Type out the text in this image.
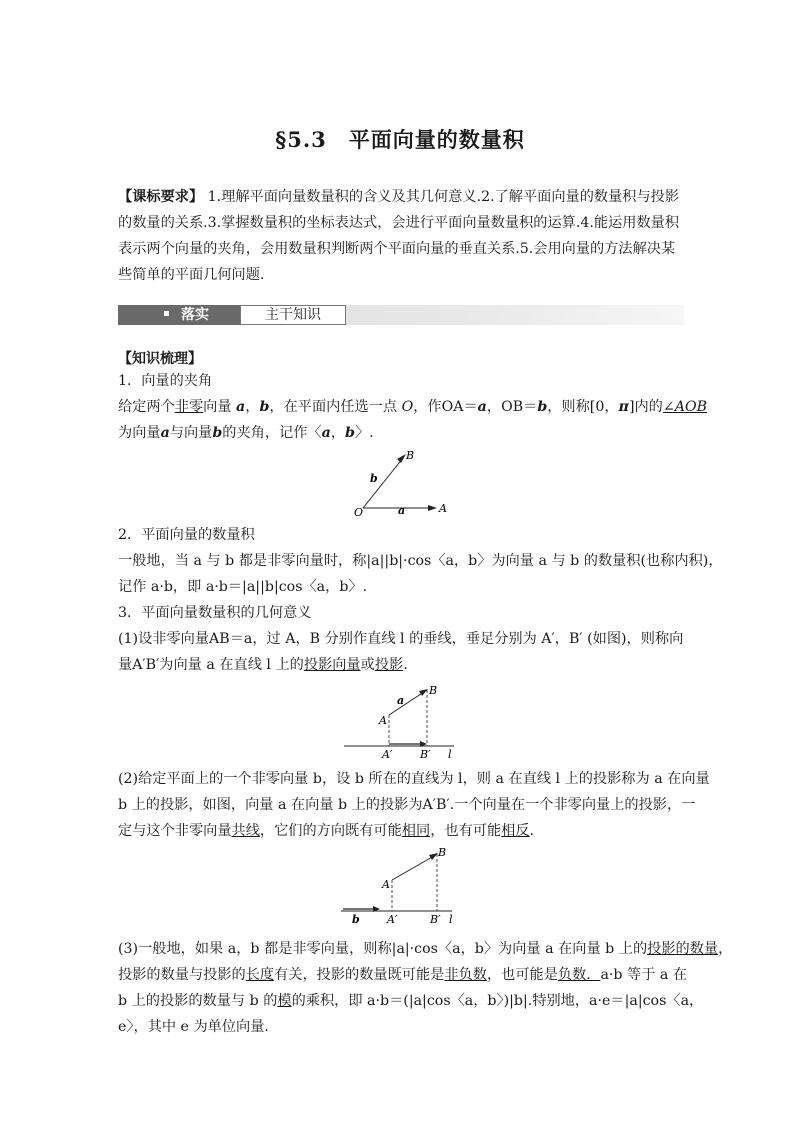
§5.3　平面向量的数量积
【课标要求】 1.理解平面向量数量积的含义及其几何意义.2.了解平面向量的数量积与投影的数量的关系.3.掌握数量积的坐标表达式，会进行平面向量数量积的运算.4.能运用数量积表示两个向量的夹角，会用数量积判断两个平面向量的垂直关系.5.会用向量的方法解决某些简单的平面几何问题.
落实	主干知识
【知识梳理】
1．向量的夹角
给定两个非零向量 a，b，在平面内任选一点 O，作OA＝a，OB＝b，则称[0，π]内的∠AOB
为向量a与向量b的夹角，记作〈a，b〉.
B
b
O	a	A
2．平面向量的数量积
一般地，当 a 与 b 都是非零向量时，称|a||b|·cos〈a，b〉为向量 a 与 b 的数量积(也称内积)，
记作 a·b，即 a·b＝|a||b|cos〈a，b〉.
3．平面向量数量积的几何意义
(1)设非零向量AB＝a，过 A，B 分别作直线 l 的垂线，垂足分别为 A′，B′ (如图)，则称向
量A′B′为向量 a 在直线 l 上的投影向量或投影.
B
A
a
A′	B′ l
(2)给定平面上的一个非零向量 b，设 b 所在的直线为 l，则 a 在直线 l 上的投影称为 a 在向量
b 上的投影，如图，向量 a 在向量 b 上的投影为A′B′.一个向量在一个非零向量上的投影，一
定与这个非零向量共线，它们的方向既有可能相同，也有可能相反.
B
A
b A′	B′ l
(3)一般地，如果 a，b 都是非零向量，则称|a|·cos〈a，b〉为向量 a 在向量 b 上的投影的数量，
投影的数量与投影的长度有关，投影的数量既可能是非负数，也可能是负数．a·b 等于 a 在
b 上的投影的数量与 b 的模的乘积，即 a·b＝(|a|cos〈a，b〉)|b|.特别地，a·e＝|a|cos〈a，
e〉，其中 e 为单位向量.
